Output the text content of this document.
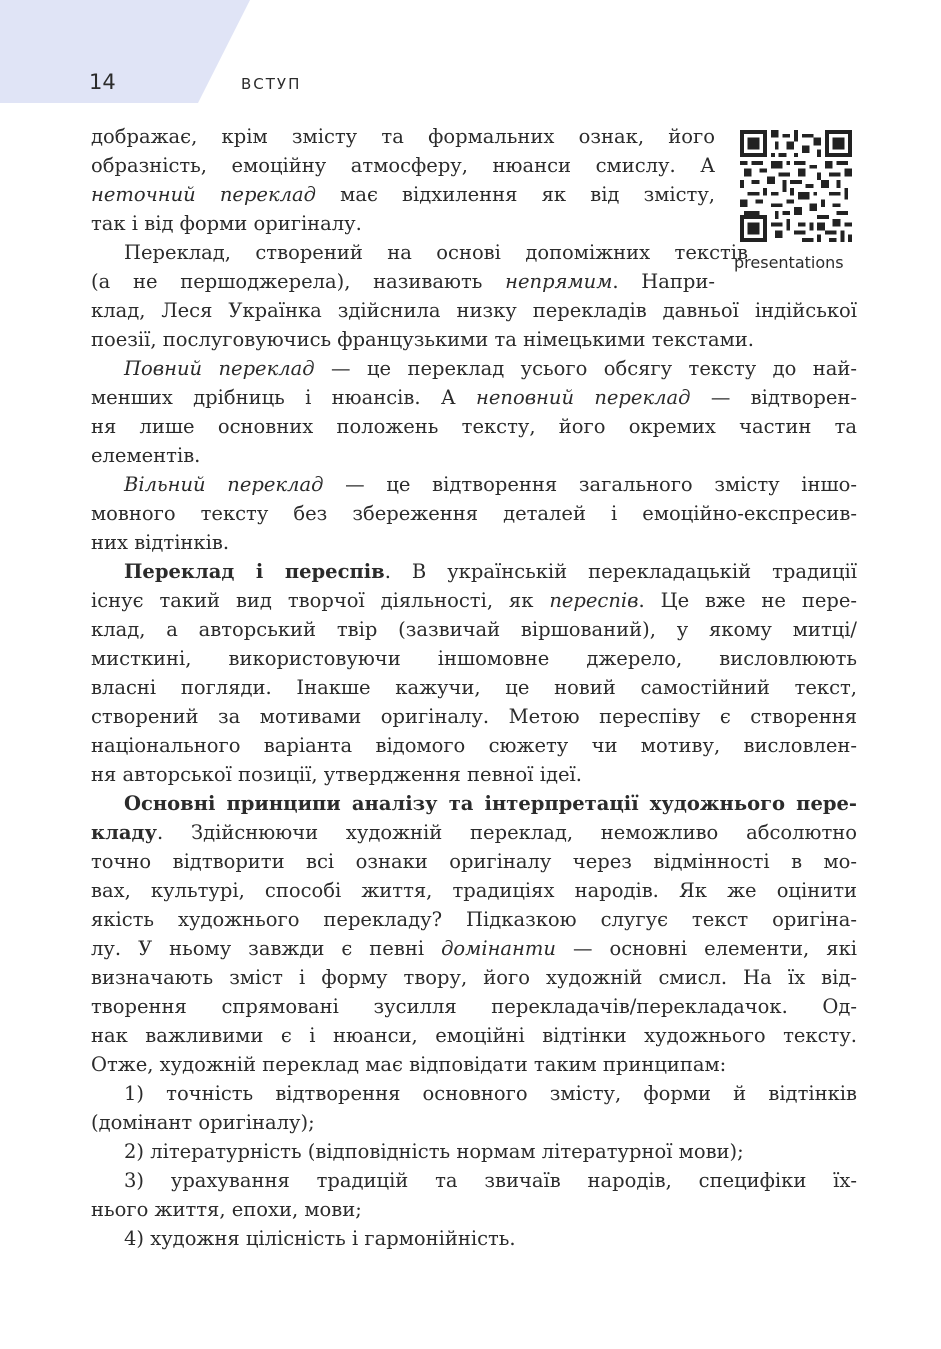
14	ВСТУП
presentations
дображає, крім змісту та формальних ознак, його
образність, емоційну атмосферу, нюанси смислу. А
неточний переклад має відхилення як від змісту,
так і від форми оригіналу.
Переклад, створений на основі допоміжних текстів
(а не першоджерела), називають непрямим. Напри-
клад, Леся Українка здійснила низку перекладів давньої індійської
поезії, послуговуючись французькими та німецькими текстами.
Повний переклад — це переклад усього обсягу тексту до най-
менших дрібниць і нюансів. А неповний переклад — відтворен-
ня лише основних положень тексту, його окремих частин та
елементів.
Вільний переклад — це відтворення загального змісту іншо-
мовного тексту без збереження деталей і емоційно-експресив-
них відтінків.
Переклад і переспів. В українській перекладацькій традиції
існує такий вид творчої діяльності, як переспів. Це вже не пере-
клад, а авторський твір (зазвичай віршований), у якому митці/
мисткині, використовуючи іншомовне джерело, висловлюють
власні погляди. Інакше кажучи, це новий самостійний текст,
створений за мотивами оригіналу. Метою переспіву є створення
національного варіанта відомого сюжету чи мотиву, висловлен-
ня авторської позиції, утвердження певної ідеї.
Основні принципи аналізу та інтерпретації художнього пере-
кладу. Здійснюючи художній переклад, неможливо абсолютно
точно відтворити всі ознаки оригіналу через відмінності в мо-
вах, культурі, способі життя, традиціях народів. Як же оцінити
якість художнього перекладу? Підказкою слугує текст оригіна-
лу. У ньому завжди є певні домінанти — основні елементи, які
визначають зміст і форму твору, його художній смисл. На їх від-
творення спрямовані зусилля перекладачів/перекладачок. Од-
нак важливими є і нюанси, емоційні відтінки художнього тексту.
Отже, художній переклад має відповідати таким принципам:
1) точність відтворення основного змісту, форми й відтінків
(домінант оригіналу);
2) літературність (відповідність нормам літературної мови);
3) урахування традицій та звичаїв народів, специфіки їх-
нього життя, епохи, мови;
4) художня цілісність і гармонійність.
